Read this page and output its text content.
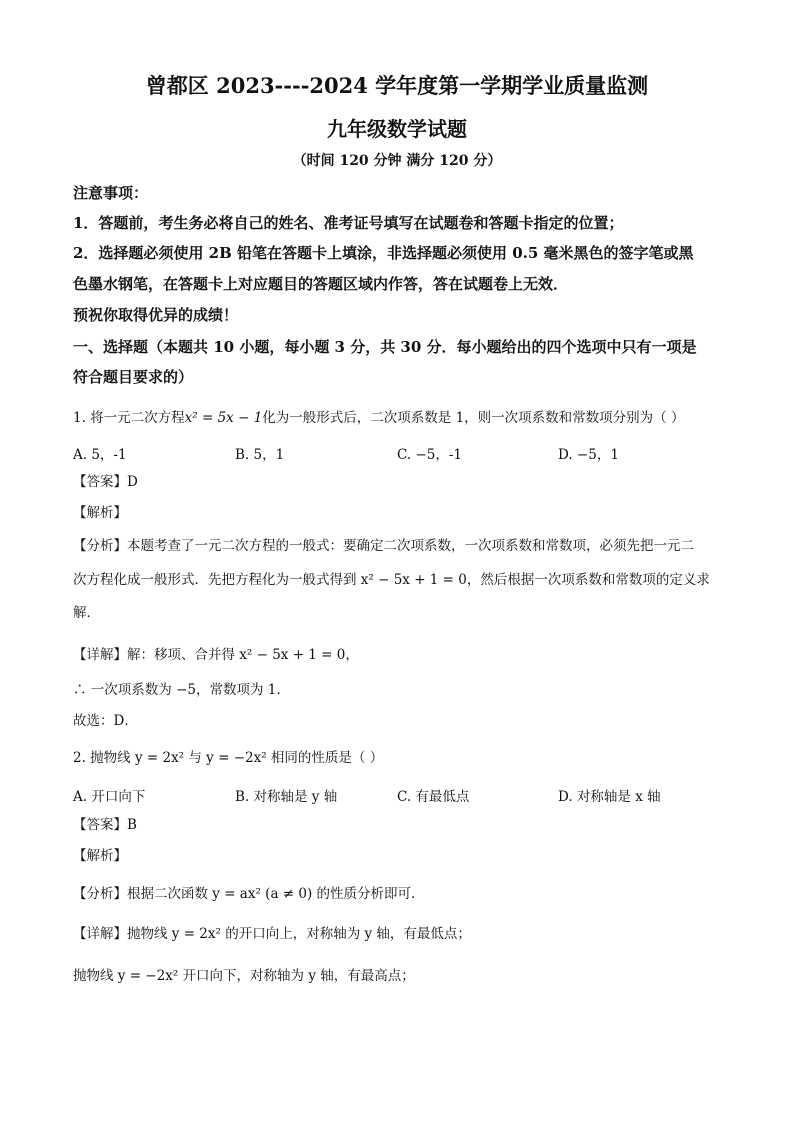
曾都区 2023----2024 学年度第一学期学业质量监测
九年级数学试题
（时间 120 分钟 满分 120 分）
注意事项：
1．答题前，考生务必将自己的姓名、准考证号填写在试题卷和答题卡指定的位置；
2．选择题必须使用 2B 铅笔在答题卡上填涂，非选择题必须使用 0.5 毫米黑色的签字笔或黑
色墨水钢笔，在答题卡上对应题目的答题区域内作答，答在试题卷上无效．
预祝你取得优异的成绩！
一、选择题（本题共 10 小题，每小题 3 分，共 30 分．每小题给出的四个选项中只有一项是
符合题目要求的）
1. 将一元二次方程x² = 5x − 1化为一般形式后，二次项系数是 1，则一次项系数和常数项分别为（ ）
A. 5，-1	B. 5，1	C. −5，-1	D. −5，1
【答案】D
【解析】
【分析】本题考查了一元二次方程的一般式：要确定二次项系数，一次项系数和常数项，必须先把一元二
次方程化成一般形式．先把方程化为一般式得到 x² − 5x + 1 = 0，然后根据一次项系数和常数项的定义求
解．
【详解】解：移项、合并得 x² − 5x + 1 = 0，
∴ 一次项系数为 −5，常数项为 1．
故选：D．
2. 抛物线 y = 2x² 与 y = −2x² 相同的性质是（ ）
A. 开口向下	B. 对称轴是 y 轴	C. 有最低点	D. 对称轴是 x 轴
【答案】B
【解析】
【分析】根据二次函数 y = ax² (a ≠ 0) 的性质分析即可．
【详解】抛物线 y = 2x² 的开口向上，对称轴为 y 轴，有最低点；
抛物线 y = −2x² 开口向下，对称轴为 y 轴，有最高点；
